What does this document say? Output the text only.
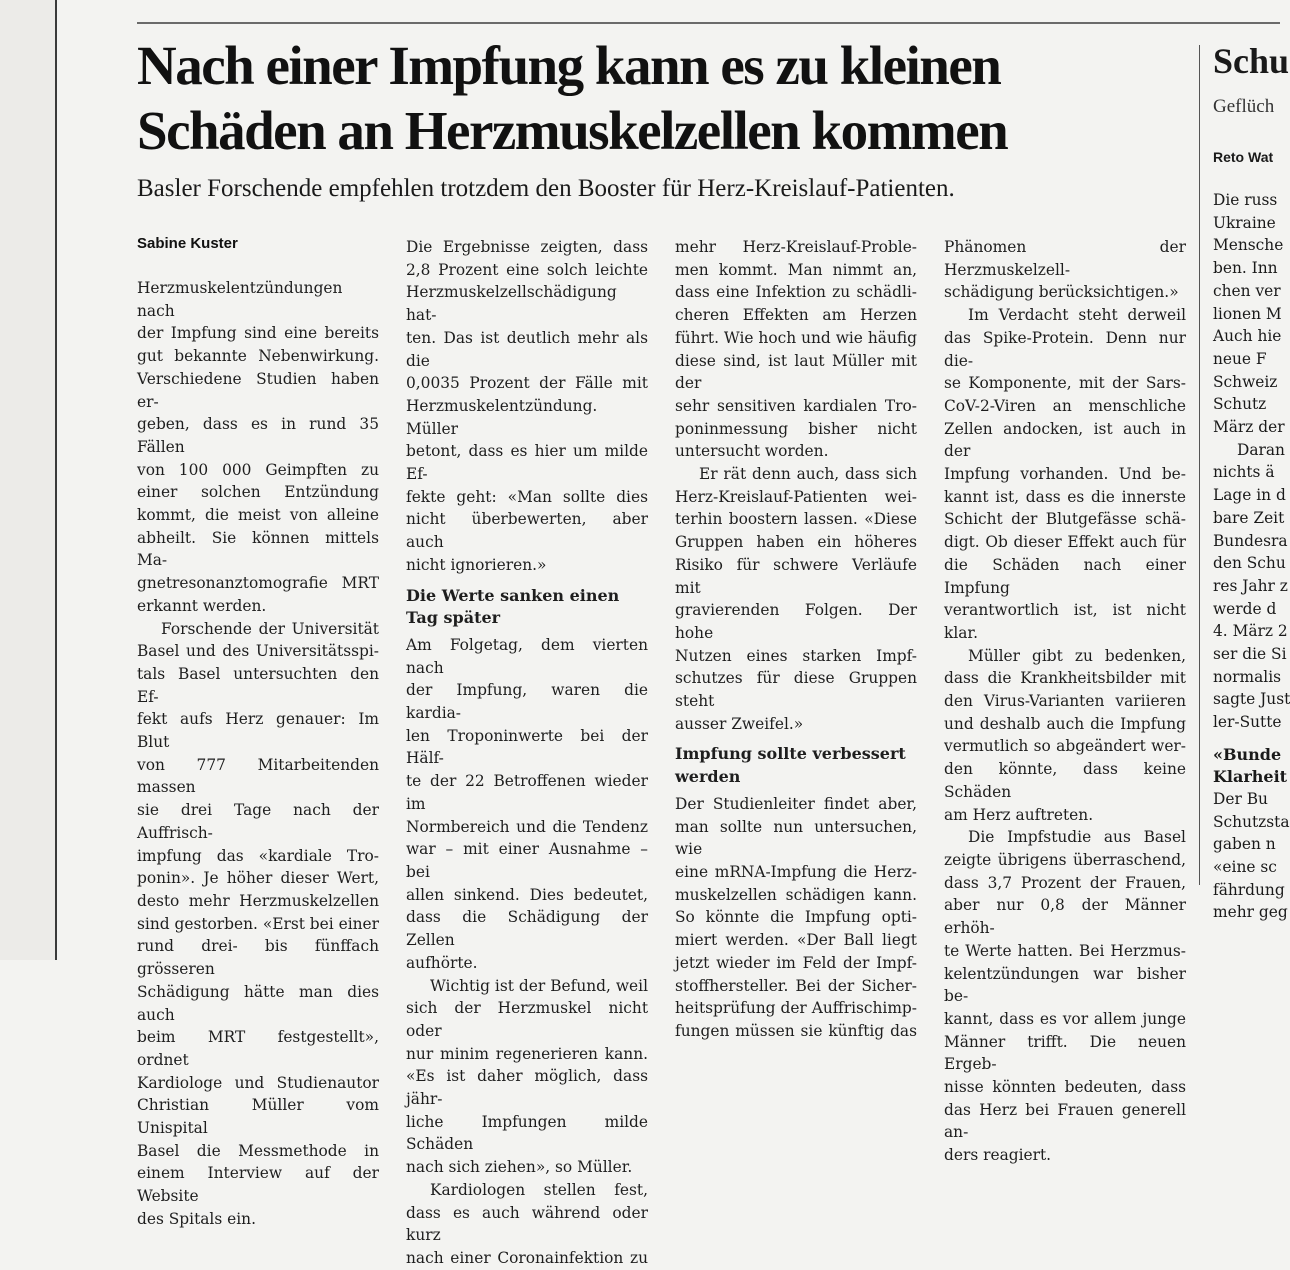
Nach einer Impfung kann es zu kleinen
Schäden an Herzmuskelzellen kommen

Basler Forschende empfehlen trotzdem den Booster für Herz-Kreislauf-Patienten.

Sabine Kuster
Herzmuskelentzündungen nach
der Impfung sind eine bereits
gut bekannte Nebenwirkung.
Verschiedene Studien haben er-
geben, dass es in rund 35 Fällen
von 100 000 Geimpften zu
einer solchen Entzündung
kommt, die meist von alleine
abheilt. Sie können mittels Ma-
gnetresonanztomografie MRT
erkannt werden.
Forschende der Universität
Basel und des Universitätsspi-
tals Basel untersuchten den Ef-
fekt aufs Herz genauer: Im Blut
von 777 Mitarbeitenden massen
sie drei Tage nach der Auffrisch-
impfung das «kardiale Tro-
ponin». Je höher dieser Wert,
desto mehr Herzmuskelzellen
sind gestorben. «Erst bei einer
rund drei- bis fünffach grösseren
Schädigung hätte man dies auch
beim MRT festgestellt», ordnet
Kardiologe und Studienautor
Christian Müller vom Unispital
Basel die Messmethode in
einem Interview auf der Website
des Spitals ein.
Die Ergebnisse zeigten, dass
2,8 Prozent eine solch leichte
Herzmuskelzellschädigung hat-
ten. Das ist deutlich mehr als die
0,0035 Prozent der Fälle mit
Herzmuskelentzündung. Müller
betont, dass es hier um milde Ef-
fekte geht: «Man sollte dies
nicht überbewerten, aber auch
nicht ignorieren.»
Die Werte sanken einen Tag später
Am Folgetag, dem vierten nach
der Impfung, waren die kardia-
len Troponinwerte bei der Hälf-
te der 22 Betroffenen wieder im
Normbereich und die Tendenz
war – mit einer Ausnahme – bei
allen sinkend. Dies bedeutet,
dass die Schädigung der Zellen
aufhörte.
Wichtig ist der Befund, weil
sich der Herzmuskel nicht oder
nur minim regenerieren kann.
«Es ist daher möglich, dass jähr-
liche Impfungen milde Schäden
nach sich ziehen», so Müller.
Kardiologen stellen fest,
dass es auch während oder kurz
nach einer Coronainfektion zu
mehr Herz-Kreislauf-Proble-
men kommt. Man nimmt an,
dass eine Infektion zu schädli-
cheren Effekten am Herzen
führt. Wie hoch und wie häufig
diese sind, ist laut Müller mit der
sehr sensitiven kardialen Tro-
poninmessung bisher nicht
untersucht worden.
Er rät denn auch, dass sich
Herz-Kreislauf-Patienten wei-
terhin boostern lassen. «Diese
Gruppen haben ein höheres
Risiko für schwere Verläufe mit
gravierenden Folgen. Der hohe
Nutzen eines starken Impf-
schutzes für diese Gruppen steht
ausser Zweifel.»
Impfung sollte verbessert werden
Der Studienleiter findet aber,
man sollte nun untersuchen, wie
eine mRNA-Impfung die Herz-
muskelzellen schädigen kann.
So könnte die Impfung opti-
miert werden. «Der Ball liegt
jetzt wieder im Feld der Impf-
stoffhersteller. Bei der Sicher-
heitsprüfung der Auffrischimp-
fungen müssen sie künftig das
Phänomen der Herzmuskelzell-
schädigung berücksichtigen.»
Im Verdacht steht derweil
das Spike-Protein. Denn nur die-
se Komponente, mit der Sars-
CoV-2-Viren an menschliche
Zellen andocken, ist auch in der
Impfung vorhanden. Und be-
kannt ist, dass es die innerste
Schicht der Blutgefässe schä-
digt. Ob dieser Effekt auch für
die Schäden nach einer Impfung
verantwortlich ist, ist nicht klar.
Müller gibt zu bedenken,
dass die Krankheitsbilder mit
den Virus-Varianten variieren
und deshalb auch die Impfung
vermutlich so abgeändert wer-
den könnte, dass keine Schäden
am Herz auftreten.
Die Impfstudie aus Basel
zeigte übrigens überraschend,
dass 3,7 Prozent der Frauen,
aber nur 0,8 der Männer erhöh-
te Werte hatten. Bei Herzmus-
kelentzündungen war bisher be-
kannt, dass es vor allem junge
Männer trifft. Die neuen Ergeb-
nisse könnten bedeuten, dass
das Herz bei Frauen generell an-
ders reagiert.
Schu
Geflüch
Reto Wat
Die russ
Ukraine
Mensche
ben. Inn
chen ver
lionen M
Auch hie
neue F
Schweiz
Schutz
März der
Daran
nichts ä
Lage in d
bare Zeit
Bundesra
den Schu
res Jahr z
werde d
4. März 2
ser die Si
normalis
sagte Just
ler-Sutte
«Bunde
Klarheit
Der Bu
Schutzsta
gaben n
«eine sc
fährdung
mehr geg
